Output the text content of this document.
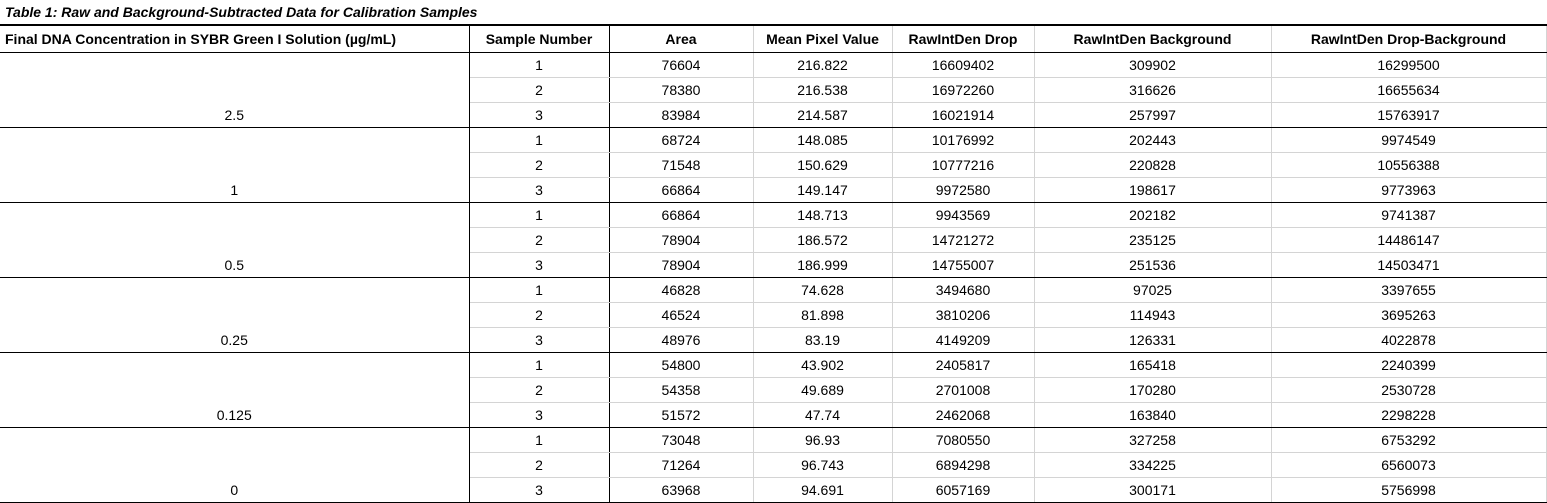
Table 1: Raw and Background-Subtracted Data for Calibration Samples
Final DNA Concentration in SYBR Green I Solution (µg/mL)	Sample Number	Area	Mean Pixel Value	RawIntDen Drop	RawIntDen Background	RawIntDen Drop-Background
2.5	1	76604	216.822	16609402	309902	16299500
	2	78380	216.538	16972260	316626	16655634
	3	83984	214.587	16021914	257997	15763917
1	1	68724	148.085	10176992	202443	9974549
	2	71548	150.629	10777216	220828	10556388
	3	66864	149.147	9972580	198617	9773963
0.5	1	66864	148.713	9943569	202182	9741387
	2	78904	186.572	14721272	235125	14486147
	3	78904	186.999	14755007	251536	14503471
0.25	1	46828	74.628	3494680	97025	3397655
	2	46524	81.898	3810206	114943	3695263
	3	48976	83.19	4149209	126331	4022878
0.125	1	54800	43.902	2405817	165418	2240399
	2	54358	49.689	2701008	170280	2530728
	3	51572	47.74	2462068	163840	2298228
0	1	73048	96.93	7080550	327258	6753292
	2	71264	96.743	6894298	334225	6560073
	3	63968	94.691	6057169	300171	5756998
